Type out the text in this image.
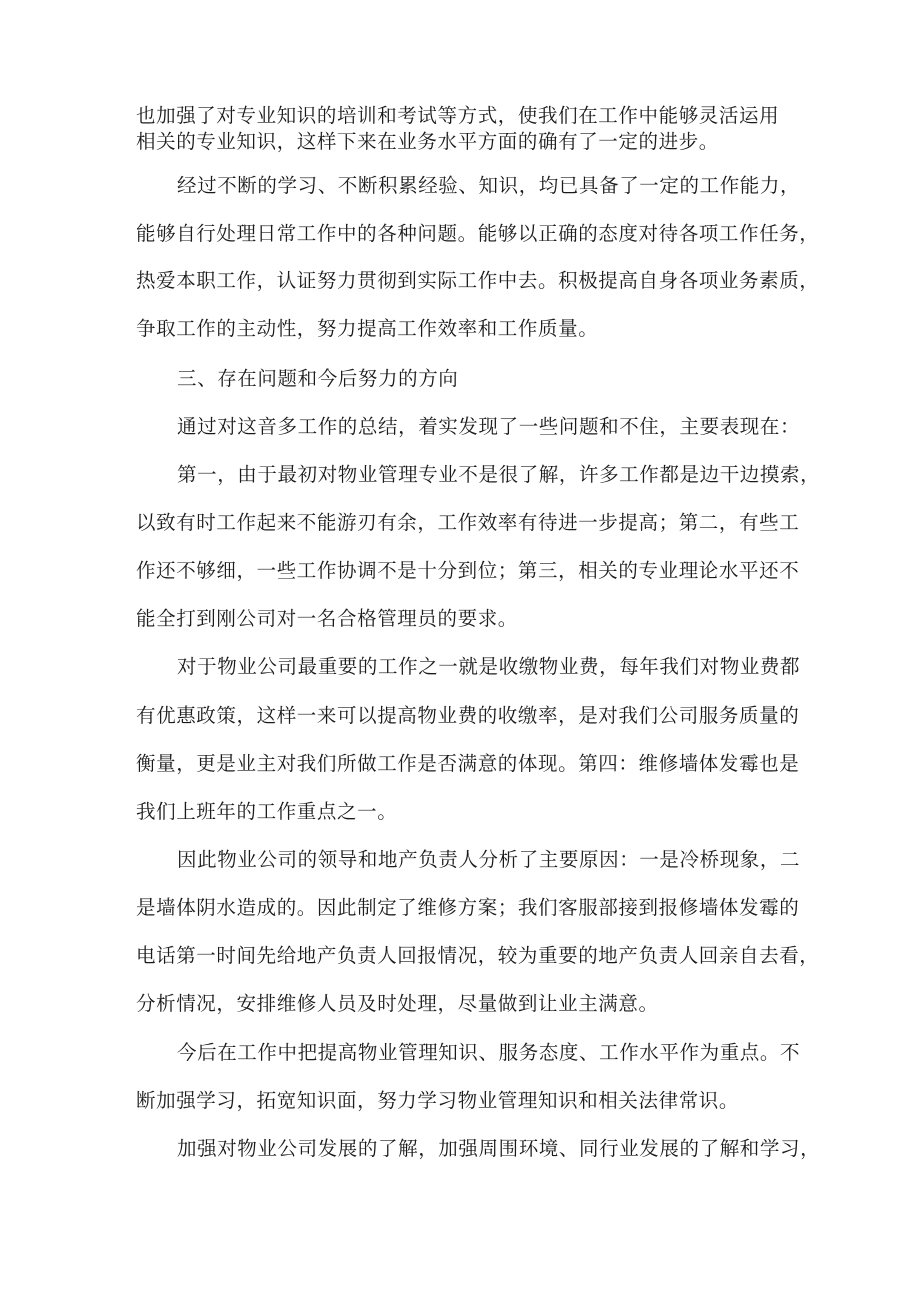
也加强了对专业知识的培训和考试等方式，使我们在工作中能够灵活运用
相关的专业知识，这样下来在业务水平方面的确有了一定的进步。
经过不断的学习、不断积累经验、知识，均已具备了一定的工作能力，
能够自行处理日常工作中的各种问题。能够以正确的态度对待各项工作任务，
热爱本职工作，认证努力贯彻到实际工作中去。积极提高自身各项业务素质，
争取工作的主动性，努力提高工作效率和工作质量。
三、存在问题和今后努力的方向
通过对这音多工作的总结，着实发现了一些问题和不住，主要表现在：
第一，由于最初对物业管理专业不是很了解，许多工作都是边干边摸索，
以致有时工作起来不能游刃有余，工作效率有待进一步提高；第二，有些工
作还不够细，一些工作协调不是十分到位；第三，相关的专业理论水平还不
能全打到刚公司对一名合格管理员的要求。
对于物业公司最重要的工作之一就是收缴物业费，每年我们对物业费都
有优惠政策，这样一来可以提高物业费的收缴率，是对我们公司服务质量的
衡量，更是业主对我们所做工作是否满意的体现。第四：维修墙体发霉也是
我们上班年的工作重点之一。
因此物业公司的领导和地产负责人分析了主要原因：一是冷桥现象，二
是墙体阴水造成的。因此制定了维修方案；我们客服部接到报修墙体发霉的
电话第一时间先给地产负责人回报情况，较为重要的地产负责人回亲自去看，
分析情况，安排维修人员及时处理，尽量做到让业主满意。
今后在工作中把提高物业管理知识、服务态度、工作水平作为重点。不
断加强学习，拓宽知识面，努力学习物业管理知识和相关法律常识。
加强对物业公司发展的了解，加强周围环境、同行业发展的了解和学习，
